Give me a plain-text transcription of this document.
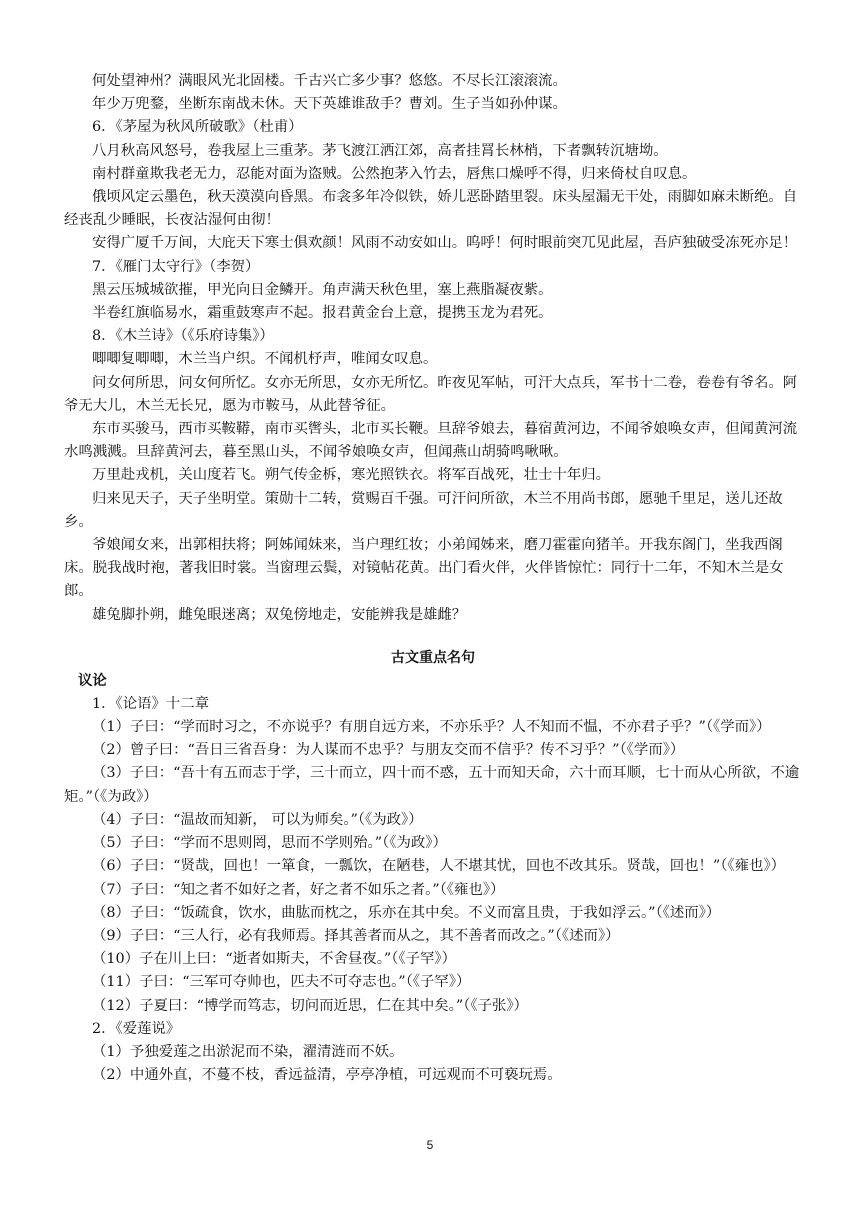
何处望神州？满眼风光北固楼。千古兴亡多少事？悠悠。不尽长江滚滚流。

年少万兜鍪，坐断东南战未休。天下英雄谁敌手？曹刘。生子当如孙仲谋。

6．《茅屋为秋风所破歌》（杜甫）

八月秋高风怒号，卷我屋上三重茅。茅飞渡江洒江郊，高者挂罥长林梢，下者飘转沉塘坳。

南村群童欺我老无力，忍能对面为盗贼。公然抱茅入竹去，唇焦口燥呼不得，归来倚杖自叹息。

俄顷风定云墨色，秋天漠漠向昏黑。布衾多年冷似铁，娇儿恶卧踏里裂。床头屋漏无干处，雨脚如麻未断绝。自经丧乱少睡眠，长夜沾湿何由彻！

安得广厦千万间，大庇天下寒士俱欢颜！风雨不动安如山。呜呼！何时眼前突兀见此屋，吾庐独破受冻死亦足！

7．《雁门太守行》（李贺）

黑云压城城欲摧，甲光向日金鳞开。角声满天秋色里，塞上燕脂凝夜紫。

半卷红旗临易水，霜重鼓寒声不起。报君黄金台上意，提携玉龙为君死。

8．《木兰诗》（《乐府诗集》）

唧唧复唧唧，木兰当户织。不闻机杼声，唯闻女叹息。

问女何所思，问女何所忆。女亦无所思，女亦无所忆。昨夜见军帖，可汗大点兵，军书十二卷，卷卷有爷名。阿爷无大儿，木兰无长兄，愿为市鞍马，从此替爷征。

东市买骏马，西市买鞍鞯，南市买辔头，北市买长鞭。旦辞爷娘去，暮宿黄河边，不闻爷娘唤女声，但闻黄河流水鸣溅溅。旦辞黄河去，暮至黑山头，不闻爷娘唤女声，但闻燕山胡骑鸣啾啾。

万里赴戎机，关山度若飞。朔气传金柝，寒光照铁衣。将军百战死，壮士十年归。

归来见天子，天子坐明堂。策勋十二转，赏赐百千强。可汗问所欲，木兰不用尚书郎，愿驰千里足，送儿还故乡。

爷娘闻女来，出郭相扶将；阿姊闻妹来，当户理红妆；小弟闻姊来，磨刀霍霍向猪羊。开我东阁门，坐我西阁床。脱我战时袍，著我旧时裳。当窗理云鬓，对镜帖花黄。出门看火伴，火伴皆惊忙：同行十二年，不知木兰是女郎。

雄兔脚扑朔，雌兔眼迷离；双兔傍地走，安能辨我是雄雌？

古文重点名句
议论

1．《论语》十二章

（1）子曰：“学而时习之，不亦说乎？有朋自远方来，不亦乐乎？人不知而不愠，不亦君子乎？”（《学而》）

（2）曾子曰：“吾日三省吾身：为人谋而不忠乎？与朋友交而不信乎？传不习乎？”（《学而》）

（3）子曰：“吾十有五而志于学，三十而立，四十而不惑，五十而知天命，六十而耳顺，七十而从心所欲，不逾矩。”（《为政》）

（4）子曰：“温故而知新， 可以为师矣。”（《为政》）

（5）子曰：“学而不思则罔，思而不学则殆。”（《为政》）

（6）子曰：“贤哉，回也！一箪食，一瓢饮，在陋巷，人不堪其忧，回也不改其乐。贤哉，回也！”（《雍也》）

（7）子曰：“知之者不如好之者，好之者不如乐之者。”（《雍也》）

（8）子曰：“饭疏食，饮水，曲肱而枕之，乐亦在其中矣。不义而富且贵，于我如浮云。”（《述而》）

（9）子曰：“三人行，必有我师焉。择其善者而从之，其不善者而改之。”（《述而》）

（10）子在川上曰：“逝者如斯夫，不舍昼夜。”（《子罕》）

（11）子曰：“三军可夺帅也，匹夫不可夺志也。”（《子罕》）

（12）子夏曰：“博学而笃志，切问而近思，仁在其中矣。”（《子张》）

2．《爱莲说》

（1）予独爱莲之出淤泥而不染，濯清涟而不妖。

（2）中通外直，不蔓不枝，香远益清，亭亭净植，可远观而不可亵玩焉。

5
